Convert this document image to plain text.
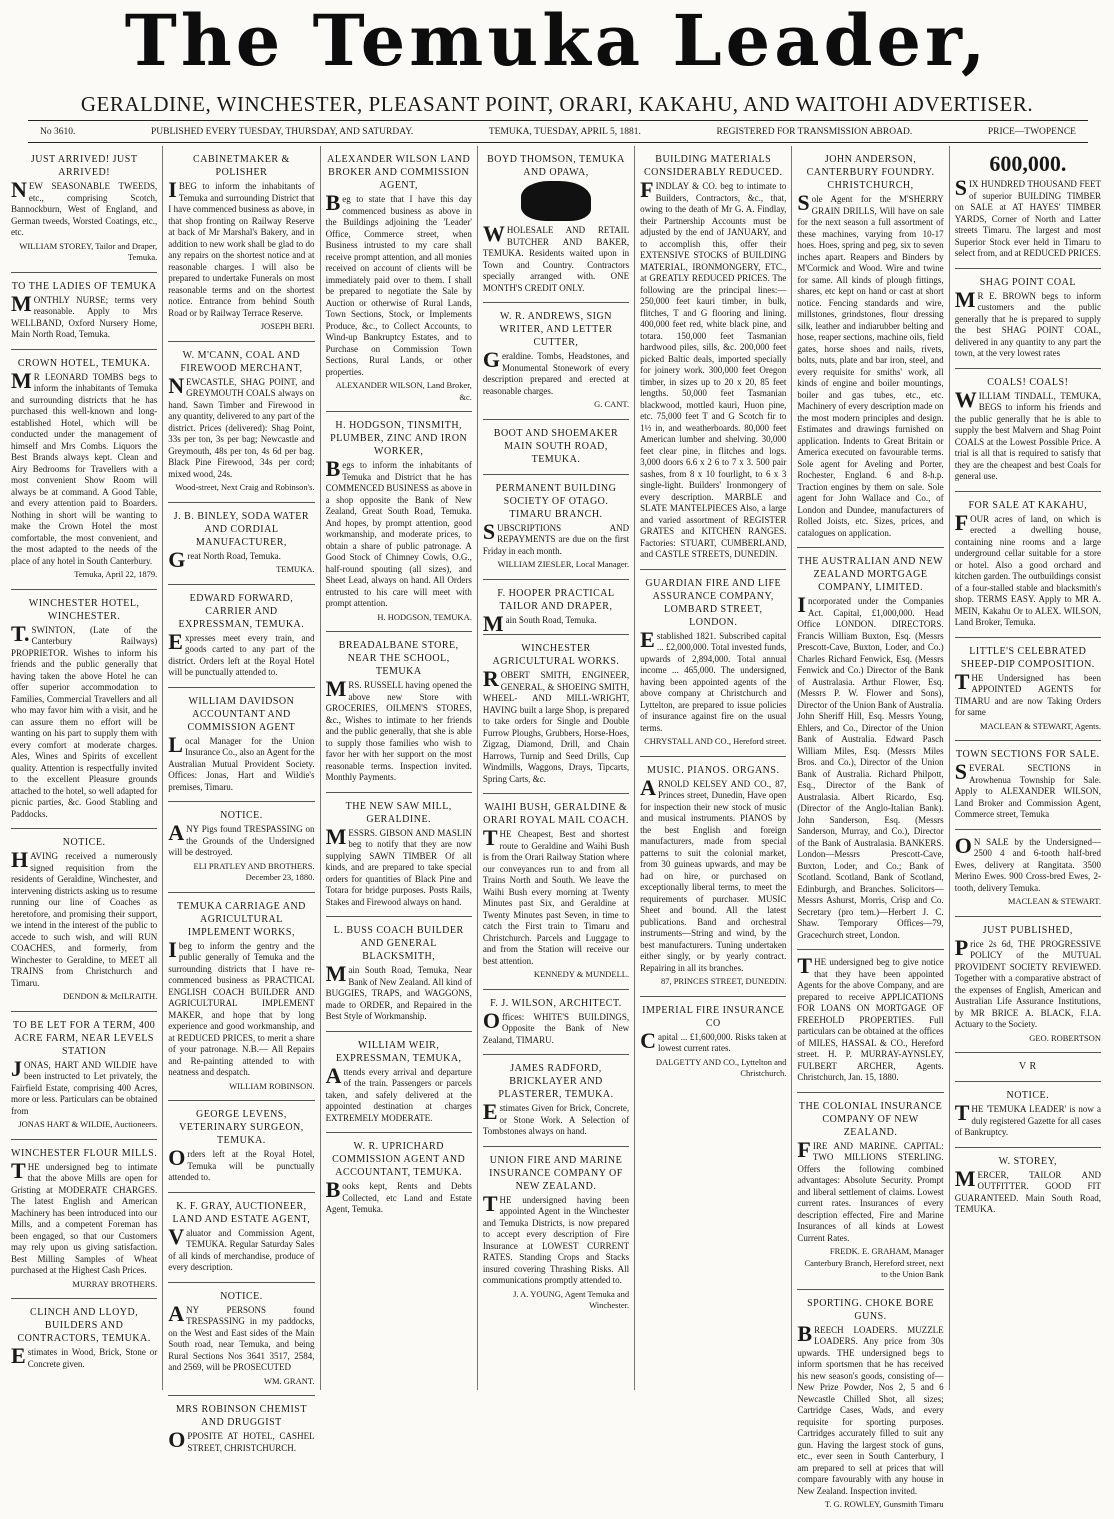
The Temuka Leader,
GERALDINE, WINCHESTER, PLEASANT POINT, ORARI, KAKAHU, AND WAITOHI ADVERTISER.
No 3610.	PUBLISHED EVERY TUESDAY, THURSDAY, AND SATURDAY.	TEMUKA, TUESDAY, APRIL 5, 1881.	REGISTERED FOR TRANSMISSION ABROAD.	PRICE—TWOPENCE
JUST ARRIVED! JUST ARRIVED!
NEW SEASONABLE TWEEDS, etc., comprising Scotch, Bannockburn, West of England, and German tweeds, Worsted Coatings, etc., etc.
WILLIAM STOREY, Tailor and Draper, Temuka.
TO THE LADIES OF TEMUKA
MONTHLY NURSE; terms very reasonable. Apply to Mrs WELLBAND, Oxford Nursery Home, Main North Road, Temuka.
CROWN HOTEL, TEMUKA.
MR LEONARD TOMBS begs to inform the inhabitants of Temuka and surrounding districts that he has purchased this well-known and long-established Hotel, which will be conducted under the management of himself and Mrs Combs. Liquors the Best Brands always kept. Clean and Airy Bedrooms for Travellers with a most convenient Show Room will always be at command. A Good Table, and every attention paid to Boarders. Nothing in short will be wanting to make the Crown Hotel the most comfortable, the most convenient, and the most adapted to the needs of the place of any hotel in South Canterbury.
Temuka, April 22, 1879.
WINCHESTER HOTEL, WINCHESTER.
T.SWINTON, (Late of the Canterbury Railways) PROPRIETOR. Wishes to inform his friends and the public generally that having taken the above Hotel he can offer superior accommodation to Families, Commercial Travellers and all who may favor him with a visit, and he can assure them no effort will be wanting on his part to supply them with every comfort at moderate charges. Ales, Wines and Spirits of excellent quality. Attention is respectfully invited to the excellent Pleasure grounds attached to the hotel, so well adapted for picnic parties, &c. Good Stabling and Paddocks.
NOTICE.
HAVING received a numerously signed requisition from the residents of Geraldine, Winchester, and intervening districts asking us to resume running our line of Coaches as heretofore, and promising their support, we intend in the interest of the public to accede to such wish, and will RUN COACHES, and formerly, from Winchester to Geraldine, to MEET all TRAINS from Christchurch and Timaru.
DENDON & McILRAITH.
TO BE LET FOR A TERM, 400 ACRE FARM, NEAR LEVELS STATION
JONAS, HART AND WILDIE have been instructed to Let privately, the Fairfield Estate, comprising 400 Acres, more or less. Particulars can be obtained from
JONAS HART & WILDIE, Auctioneers.
WINCHESTER FLOUR MILLS.
THE undersigned beg to intimate that the above Mills are open for Gristing at MODERATE CHARGES. The latest English and American Machinery has been introduced into our Mills, and a competent Foreman has been engaged, so that our Customers may rely upon us giving satisfaction. Best Milling Samples of Wheat purchased at the Highest Cash Prices.
MURRAY BROTHERS.
CLINCH AND LLOYD, BUILDERS AND CONTRACTORS, TEMUKA.
Estimates in Wood, Brick, Stone or Concrete given.
CABINETMAKER & POLISHER
IBEG to inform the inhabitants of Temuka and surrounding District that I have commenced business as above, in that shop fronting on Railway Reserve at back of Mr Marshal's Bakery, and in addition to new work shall be glad to do any repairs on the shortest notice and at reasonable charges. I will also be prepared to undertake Funerals on most reasonable terms and on the shortest notice. Entrance from behind South Road or by Railway Terrace Reserve.
JOSEPH BERI.
W. M'CANN, COAL AND FIREWOOD MERCHANT,
NEWCASTLE, SHAG POINT, and GREYMOUTH COALS always on hand. Sawn Timber and Firewood in any quantity, delivered to any part of the district. Prices (delivered): Shag Point, 33s per ton, 3s per bag; Newcastle and Greymouth, 48s per ton, 4s 6d per bag. Black Pine Firewood, 34s per cord; mixed wood, 24s.
Wood-street, Next Craig and Robinson's.
J. B. BINLEY, SODA WATER AND CORDIAL MANUFACTURER,
Great North Road, Temuka.
TEMUKA.
EDWARD FORWARD, CARRIER AND EXPRESSMAN, TEMUKA.
Expresses meet every train, and goods carted to any part of the district. Orders left at the Royal Hotel will be punctually attended to.
WILLIAM DAVIDSON ACCOUNTANT AND COMMISSION AGENT
Local Manager for the Union Insurance Co., also an Agent for the Australian Mutual Provident Society. Offices: Jonas, Hart and Wildie's premises, Timaru.
NOTICE.
ANY Pigs found TRESPASSING on the Grounds of the Undersigned will be destroyed.
ELI PRATLEY AND BROTHERS. December 23, 1880.
TEMUKA CARRIAGE AND AGRICULTURAL IMPLEMENT WORKS,
Ibeg to inform the gentry and the public generally of Temuka and the surrounding districts that I have re-commenced business as PRACTICAL ENGLISH COACH BUILDER AND AGRICULTURAL IMPLEMENT MAKER, and hope that by long experience and good workmanship, and at REDUCED PRICES, to merit a share of your patronage. N.B.— All Repairs and Re-painting attended to with neatness and despatch.
WILLIAM ROBINSON.
GEORGE LEVENS, VETERINARY SURGEON, TEMUKA.
Orders left at the Royal Hotel, Temuka will be punctually attended to.
K. F. GRAY, AUCTIONEER, LAND AND ESTATE AGENT,
Valuator and Commission Agent, TEMUKA. Regular Saturday Sales of all kinds of merchandise, produce of every description.
NOTICE.
ANY PERSONS found TRESPASSING in my paddocks, on the West and East sides of the Main South road, near Temuka, and being Rural Sections Nos 3641 3517, 2584, and 2569, will be PROSECUTED
WM. GRANT.
MRS ROBINSON CHEMIST AND DRUGGIST
OPPOSITE AT HOTEL, CASHEL STREET, CHRISTCHURCH.
ALEXANDER WILSON LAND BROKER AND COMMISSION AGENT,
Beg to state that I have this day commenced business as above in the Buildings adjoining the 'Leader' Office, Commerce street, when Business intrusted to my care shall receive prompt attention, and all monies received on account of clients will be immediately paid over to them. I shall be prepared to negotiate the Sale by Auction or otherwise of Rural Lands, Town Sections, Stock, or Implements Produce, &c., to Collect Accounts, to Wind-up Bankruptcy Estates, and to Purchase on Commission Town Sections, Rural Lands, or other properties.
ALEXANDER WILSON, Land Broker, &c.
H. HODGSON, TINSMITH, PLUMBER, ZINC AND IRON WORKER,
Begs to inform the inhabitants of Temuka and District that he has COMMENCED BUSINESS as above in a shop opposite the Bank of New Zealand, Great South Road, Temuka. And hopes, by prompt attention, good workmanship, and moderate prices, to obtain a share of public patronage. A Good Stock of Chimney Cowls, O.G., half-round spouting (all sizes), and Sheet Lead, always on hand. All Orders entrusted to his care will meet with prompt attention.
H. HODGSON, TEMUKA.
BREADALBANE STORE, NEAR THE SCHOOL, TEMUKA
MRS. RUSSELL having opened the above new Store with GROCERIES, OILMEN'S STORES, &c., Wishes to intimate to her friends and the public generally, that she is able to supply those families who wish to favor her with her support on the most reasonable terms. Inspection invited. Monthly Payments.
THE NEW SAW MILL, GERALDINE.
MESSRS. GIBSON AND MASLIN beg to notify that they are now supplying SAWN TIMBER Of all kinds, and are prepared to take special orders for quantities of Black Pine and Totara for bridge purposes. Posts Rails, Stakes and Firewood always on hand.
L. BUSS COACH BUILDER AND GENERAL BLACKSMITH,
Main South Road, Temuka, Near Bank of New Zealand. All kind of BUGGIES, TRAPS, and WAGGONS, made to ORDER, and Repaired in the Best Style of Workmanship.
WILLIAM WEIR, EXPRESSMAN, TEMUKA,
Attends every arrival and departure of the train. Passengers or parcels taken, and safely delivered at the appointed destination at charges EXTREMELY MODERATE.
W. R. UPRICHARD COMMISSION AGENT AND ACCOUNTANT, TEMUKA.
Books kept, Rents and Debts Collected, etc Land and Estate Agent, Temuka.
BOYD THOMSON, TEMUKA AND OPAWA,
WHOLESALE AND RETAIL BUTCHER AND BAKER, TEMUKA. Residents waited upon in Town and Country. Contractors specially arranged with. ONE MONTH'S CREDIT ONLY.
W. R. ANDREWS, SIGN WRITER, AND LETTER CUTTER,
Geraldine. Tombs, Headstones, and Monumental Stonework of every description prepared and erected at reasonable charges.
G. CANT.
BOOT AND SHOEMAKER MAIN SOUTH ROAD, TEMUKA.
PERMANENT BUILDING SOCIETY OF OTAGO. TIMARU BRANCH.
SUBSCRIPTIONS AND REPAYMENTS are due on the first Friday in each month.
WILLIAM ZIESLER, Local Manager.
F. HOOPER PRACTICAL TAILOR AND DRAPER,
Main South Road, Temuka.
WINCHESTER AGRICULTURAL WORKS.
ROBERT SMITH, ENGINEER, GENERAL, & SHOEING SMITH, WHEEL- AND MILL-WRIGHT, HAVING built a large Shop, is prepared to take orders for Single and Double Furrow Ploughs, Grubbers, Horse-Hoes, Zigzag, Diamond, Drill, and Chain Harrows, Turnip and Seed Drills, Cup Windmills, Waggons, Drays, Tipcarts, Spring Carts, &c.
WAIHI BUSH, GERALDINE & ORARI ROYAL MAIL COACH.
THE Cheapest, Best and shortest route to Geraldine and Waihi Bush is from the Orari Railway Station where our conveyances run to and from all Trains North and South. We leave the Waihi Bush every morning at Twenty Minutes past Six, and Geraldine at Twenty Minutes past Seven, in time to catch the First train to Timaru and Christchurch. Parcels and Luggage to and from the Station will receive our best attention.
KENNEDY & MUNDELL.
F. J. WILSON, ARCHITECT.
Offices: WHITE'S BUILDINGS, Opposite the Bank of New Zealand, TIMARU.
JAMES RADFORD, BRICKLAYER AND PLASTERER, TEMUKA.
Estimates Given for Brick, Concrete, or Stone Work. A Selection of Tombstones always on hand.
UNION FIRE AND MARINE INSURANCE COMPANY OF NEW ZEALAND.
THE undersigned having been appointed Agent in the Winchester and Temuka Districts, is now prepared to accept every description of Fire Insurance at LOWEST CURRENT RATES. Standing Crops and Stacks insured covering Thrashing Risks. All communications promptly attended to.
J. A. YOUNG, Agent Temuka and Winchester.
BUILDING MATERIALS CONSIDERABLY REDUCED.
FINDLAY & CO. beg to intimate to Builders, Contractors, &c., that, owing to the death of Mr G. A. Findlay, their Partnership Accounts must be adjusted by the end of JANUARY, and to accomplish this, offer their EXTENSIVE STOCKS of BUILDING MATERIAL, IRONMONGERY, ETC., at GREATLY REDUCED PRICES. The following are the principal lines:— 250,000 feet kauri timber, in bulk, flitches, T and G flooring and lining. 400,000 feet red, white black pine, and totara. 150,000 feet Tasmanian hardwood piles, sills, &c. 200,000 feet picked Baltic deals, imported specially for joinery work. 300,000 feet Oregon timber, in sizes up to 20 x 20, 85 feet lengths. 50,000 feet Tasmanian blackwood, mottled kauri, Huon pine, etc. 75,000 feet T and G Scotch fir to 1½ in, and weatherboards. 80,000 feet American lumber and shelving. 30,000 feet clear pine, in flitches and logs. 3,000 doors 6.6 x 2 6 to 7 x 3. 500 pair sashes, from 8 x 10 fourlight, to 6 x 3 single-light. Builders' Ironmongery of every description. MARBLE and SLATE MANTELPIECES Also, a large and varied assortment of REGISTER GRATES and KITCHEN RANGES. Factories: STUART, CUMBERLAND, and CASTLE STREETS, DUNEDIN.
GUARDIAN FIRE AND LIFE ASSURANCE COMPANY, LOMBARD STREET, LONDON.
Established 1821. Subscribed capital ... £2,000,000. Total invested funds, upwards of 2,894,000. Total annual income ... 465,000. The undersigned, having been appointed agents of the above company at Christchurch and Lyttelton, are prepared to issue policies of insurance against fire on the usual terms.
CHRYSTALL AND CO., Hereford street.
MUSIC. PIANOS. ORGANS.
ARNOLD KELSEY AND CO., 87, Princes street, Dunedin, Have open for inspection their new stock of music and musical instruments. PIANOS by the best English and foreign manufacturers, made from special patterns to suit the colonial market, from 30 guineas upwards, and may be had on hire, or purchased on exceptionally liberal terms, to meet the requirements of purchaser. MUSIC Sheet and bound. All the latest publications. Band and orchestral instruments—String and wind, by the best manufacturers. Tuning undertaken either singly, or by yearly contract. Repairing in all its branches.
87, PRINCES STREET, DUNEDIN.
IMPERIAL FIRE INSURANCE CO
Capital ... £1,600,000. Risks taken at lowest current rates.
DALGETTY AND CO., Lyttelton and Christchurch.
JOHN ANDERSON, CANTERBURY FOUNDRY. CHRISTCHURCH,
Sole Agent for the M'SHERRY GRAIN DRILLS, Will have on sale for the next season a full assortment of these machines, varying from 10-17 hoes. Hoes, spring and peg, six to seven inches apart. Reapers and Binders by M'Cormick and Wood. Wire and twine for same. All kinds of plough fittings, shares, etc kept on hand or cast at short notice. Fencing standards and wire, millstones, grindstones, flour dressing silk, leather and indiarubber belting and hose, reaper sections, machine oils, field gates, horse shoes and nails, rivets, bolts, nuts, plate and bar iron, steel, and every requisite for smiths' work, all kinds of engine and boiler mountings, boiler and gas tubes, etc., etc. Machinery of every description made on the most modern principles and design. Estimates and drawings furnished on application. Indents to Great Britain or America executed on favourable terms. Sole agent for Aveling and Porter, Rochester, England. 6 and 8-h.p. Traction engines by them on sale. Sole agent for John Wallace and Co., of London and Dundee, manufacturers of Rolled Joists, etc. Sizes, prices, and catalogues on application.
THE AUSTRALIAN AND NEW ZEALAND MORTGAGE COMPANY, LIMITED.
Incorporated under the Companies Act. Capital, £1,000,000. Head Office LONDON. DIRECTORS. Francis William Buxton, Esq. (Messrs Prescott-Cave, Buxton, Loder, and Co.) Charles Richard Fenwick, Esq. (Messrs Fenwick and Co.) Director of the Bank of Australasia. Arthur Flower, Esq. (Messrs P. W. Flower and Sons), Director of the Union Bank of Australia. John Sheriff Hill, Esq. Messrs Young, Ehlers, and Co., Director of the Union Bank of Australia. Edward Pasch William Miles, Esq. (Messrs Miles Bros. and Co.), Director of the Union Bank of Australia. Richard Philpott, Esq., Director of the Bank of Australasia. Albert Ricardo, Esq. (Director of the Anglo-Italian Bank). John Sanderson, Esq. (Messrs Sanderson, Murray, and Co.), Director of the Bank of Australasia. BANKERS. London—Messrs Prescott-Cave, Buxton, Loder, and Co.; Bank of Scotland. Scotland, Bank of Scotland, Edinburgh, and Branches. Solicitors—Messrs Ashurst, Morris, Crisp and Co. Secretary (pro tem.)—Herbert J. C. Shaw. Temporary Offices—79, Gracechurch street, London.
THE undersigned beg to give notice that they have been appointed Agents for the above Company, and are prepared to receive APPLICATIONS FOR LOANS ON MORTGAGE OF FREEHOLD PROPERTIES. Full particulars can be obtained at the offices of MILES, HASSAL & CO., Hereford street. H. P. MURRAY-AYNSLEY, FULBERT ARCHER, Agents. Christchurch, Jan. 15, 1880.
THE COLONIAL INSURANCE COMPANY OF NEW ZEALAND.
FIRE AND MARINE. CAPITAL: TWO MILLIONS STERLING. Offers the following combined advantages: Absolute Security. Prompt and liberal settlement of claims. Lowest current rates. Insurances of every description effected, Fire and Marine Insurances of all kinds at Lowest Current Rates.
FREDK. E. GRAHAM, Manager Canterbury Branch, Hereford street, next to the Union Bank
SPORTING. CHOKE BORE GUNS.
BREECH LOADERS. MUZZLE LOADERS. Any price from 30s upwards. THE undersigned begs to inform sportsmen that he has received his new season's goods, consisting of—New Prize Powder, Nos 2, 5 and 6 Newcastle Chilled Shot, all sizes; Cartridge Cases, Wads, and every requisite for sporting purposes. Cartridges accurately filled to suit any gun. Having the largest stock of guns, etc., ever seen in South Canterbury, I am prepared to sell at prices that will compare favourably with any house in New Zealand. Inspection invited.
T. G. ROWLEY, Gunsmith Timaru
600,000.
SIX HUNDRED THOUSAND FEET of superior BUILDING TIMBER on SALE at AT HAYES' TIMBER YARDS, Corner of North and Latter streets Timaru. The largest and most Superior Stock ever held in Timaru to select from, and at REDUCED PRICES.
SHAG POINT COAL
MR E. BROWN begs to inform customers and the public generally that he is prepared to supply the best SHAG POINT COAL, delivered in any quantity to any part the town, at the very lowest rates
COALS! COALS!
WILLIAM TINDALL, TEMUKA, BEGS to inform his friends and the public generally that he is able to supply the best Malvern and Shag Point COALS at the Lowest Possible Price. A trial is all that is required to satisfy that they are the cheapest and best Coals for general use.
FOR SALE AT KAKAHU,
FOUR acres of land, on which is erected a dwelling house, containing nine rooms and a large underground cellar suitable for a store or hotel. Also a good orchard and kitchen garden. The outbuildings consist of a four-stalled stable and blacksmith's shop. TERMS EASY. Apply to MR A. MEIN, Kakahu Or to ALEX. WILSON, Land Broker, Temuka.
LITTLE'S CELEBRATED SHEEP-DIP COMPOSITION.
THE Undersigned has been APPOINTED AGENTS for TIMARU and are now Taking Orders for same
MACLEAN & STEWART, Agents.
TOWN SECTIONS FOR SALE.
SEVERAL SECTIONS in Arowhenua Township for Sale. Apply to ALEXANDER WILSON, Land Broker and Commission Agent, Commerce street, Temuka
ON SALE by the Undersigned— 2500 4 and 6-tooth half-bred Ewes, delivery at Rangitata. 3500 Merino Ewes. 900 Cross-bred Ewes, 2-tooth, delivery Temuka.
MACLEAN & STEWART.
JUST PUBLISHED,
Price 2s 6d, THE PROGRESSIVE POLICY of the MUTUAL PROVIDENT SOCIETY REVIEWED. Together with a comparative abstract of the expenses of English, American and Australian Life Assurance Institutions, by MR BRICE A. BLACK, F.I.A. Actuary to the Society.
GEO. ROBERTSON
V R
NOTICE.
THE 'TEMUKA LEADER' is now a duly registered Gazette for all cases of Bankruptcy.
W. STOREY,
MERCER, TAILOR AND OUTFITTER. GOOD FIT GUARANTEED. Main South Road, TEMUKA.
